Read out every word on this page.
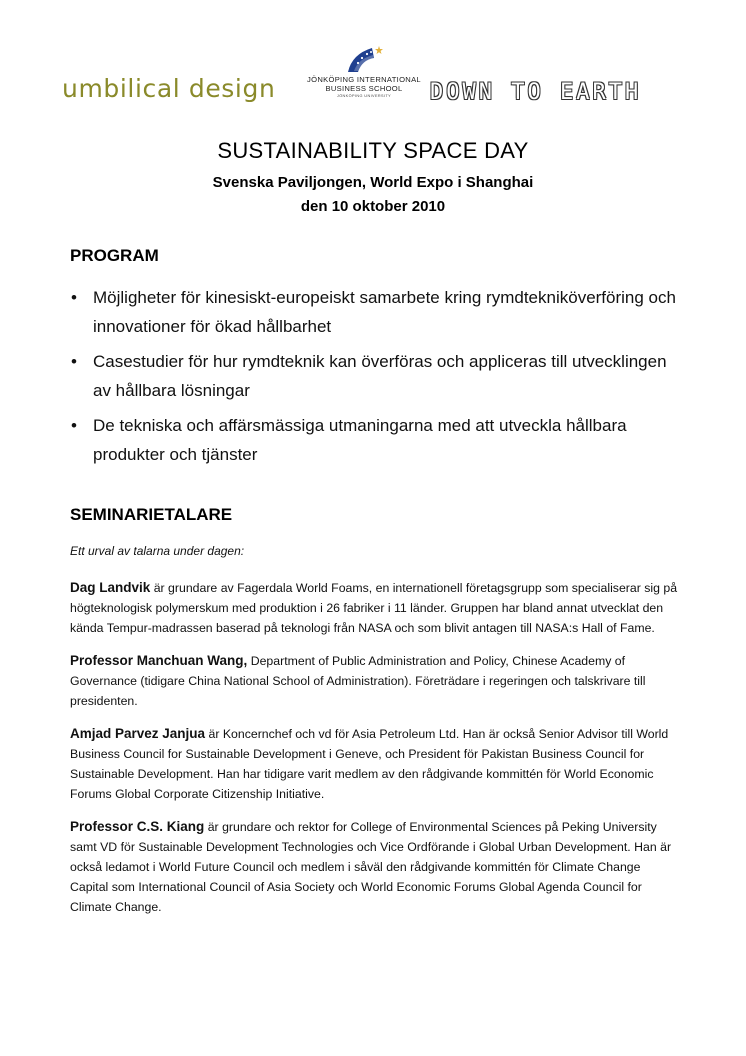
umbilical design	JÖNKÖPING INTERNATIONAL
BUSINESS SCHOOL
JÖNKÖPING UNIVERSITY	DOWN TO EARTH
SUSTAINABILITY SPACE DAY

Svenska Paviljongen, World Expo i Shanghai

den 10 oktober 2010

PROGRAM
• Möjligheter för kinesiskt-europeiskt samarbete kring rymdtekniköverföring och innovationer för ökad hållbarhet
• Casestudier för hur rymdteknik kan överföras och appliceras till utvecklingen av hållbara lösningar
• De tekniska och affärsmässiga utmaningarna med att utveckla hållbara produkter och tjänster
SEMINARIETALARE

Ett urval av talarna under dagen:

Dag Landvik är grundare av Fagerdala World Foams, en internationell företagsgrupp som specialiserar sig på högteknologisk polymerskum med produktion i 26 fabriker i 11 länder. Gruppen har bland annat utvecklat den kända Tempur-madrassen baserad på teknologi från NASA och som blivit antagen till NASA:s Hall of Fame.

Professor Manchuan Wang, Department of Public Administration and Policy, Chinese Academy of Governance (tidigare China National School of Administration). Företrädare i regeringen och talskrivare till presidenten.

Amjad Parvez Janjua är Koncernchef och vd för Asia Petroleum Ltd. Han är också Senior Advisor till World Business Council for Sustainable Development i Geneve, och President för Pakistan Business Council for Sustainable Development. Han har tidigare varit medlem av den rådgivande kommittén för World Economic Forums Global Corporate Citizenship Initiative.

Professor C.S. Kiang är grundare och rektor for College of Environmental Sciences på Peking University samt VD för Sustainable Development Technologies och Vice Ordförande i Global Urban Development. Han är också ledamot i World Future Council och medlem i såväl den rådgivande kommittén för Climate Change Capital som International Council of Asia Society och World Economic Forums Global Agenda Council for Climate Change.
